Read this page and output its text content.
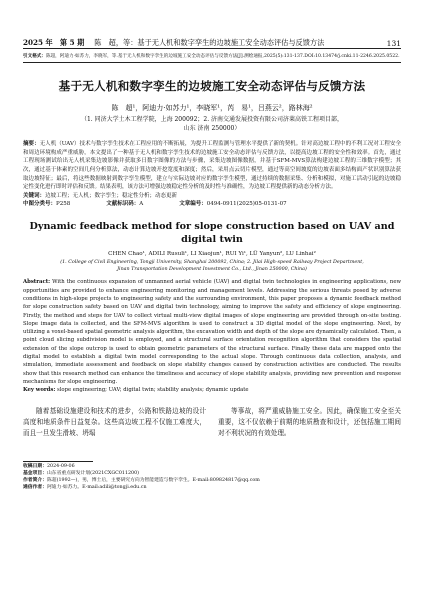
2025 年　第 5 期 陈　超，等：基于无人机和数字孪生的边坡施工安全动态评估与反馈方法	131
引文格式：陈超，阿迪力·如苏力，李晓军，等.基于无人机和数字孪生的边坡施工安全动态评估与反馈方法[J].测绘通报,2025(5):131-137.DOI:10.13474/j.cnki.11-2246.2025.0522.

基于无人机和数字孪生的边坡施工安全动态评估与反馈方法
陈　超¹，阿迪力·如苏力¹，李晓军¹，芮　易¹，吕燕云²，路林海²
（1. 同济大学土木工程学院，上海 200092；2. 济南交通发展投资有限公司济莱高铁工程项目部，
山东 济南 250000）
摘要：无人机（UAV）技术与数字孪生技术在工程应用的不断拓展，为提升工程监测与管理水平提供了新的契机。针对高边坡工程中的不利工况对工程安全和周边环境构成严重威胁，本文提出了一种基于无人机和数字孪生技术的边坡施工安全动态评估与反馈方法，以提高边坡工程的安全性和效率。首先，通过工程现场测试给出无人机采集边坡影像并获取多日数字图像的方法与步骤，采集边坡图像数据，并基于SFM-MVS算法构建边坡工程的三维数字模型；其次，通过基于体素的空间几何分析算法，动态计算边坡开挖宽度和深度；然后，采用点云切片模型，通过等高空间坡度的边坡表面多结构面产状识别算法获取边坡特征；最后，将这些数据映射到数字孪生模型，建立与实际边坡对应的数字孪生模型，通过持续的数据采集、分析和模拟，对施工活动引起的边坡稳定性变化进行即时评估和反馈。结果表明，该方法可增强边坡稳定性分析的及时性与准确性，为边坡工程提供新的动态分析方法。
关键词：边坡工程；无人机；数字孪生；稳定性分析；动态更新
中图分类号：P258	文献标识码：A	文章编号：0494-0911(2025)05-0131-07
Dynamic feedback method for slope construction based on UAV and digital twin
CHEN Chao¹, ADILI Rusuli¹, LI Xiaojun¹, RUI Yi¹, LÜ Yanyun², LU Linhai²
(1. College of Civil Engineering, Tongji University, Shanghai 200092, China; 2. Jilai High-speed Railway Project Department,
Jinan Transportation Development Investment Co., Ltd., Jinan 250000, China)
Abstract: With the continuous expansion of unmanned aerial vehicle (UAV) and digital twin technologies in engineering applications, new opportunities are provided to enhance engineering monitoring and management levels. Addressing the serious threats posed by adverse conditions in high-slope projects to engineering safety and the surrounding environment, this paper proposes a dynamic feedback method for slope construction safety based on UAV and digital twin technology, aiming to improve the safety and efficiency of slope engineering. Firstly, the method and steps for UAV to collect virtual multi-view digital images of slope engineering are provided through on-site testing. Slope image data is collected, and the SFM-MVS algorithm is used to construct a 3D digital model of the slope engineering. Next, by utilizing a voxel-based spatial geometric analysis algorithm, the excavation width and depth of the slope are dynamically calculated. Then, a point cloud slicing subdivision model is employed, and a structural surface orientation recognition algorithm that considers the spatial extension of the slope outcrop is used to obtain geometric parameters of the structural surface. Finally these data are mapped onto the digital model to establish a digital twin model corresponding to the actual slope. Through continuous data collection, analysis, and simulation, immediate assessment and feedback on slope stability changes caused by construction activities are conducted. The results show that this research method can enhance the timeliness and accuracy of slope stability analysis, providing new prevention and response mechanisms for slope engineering.
Key words: slope engineering; UAV; digital twin; stability analysis; dynamic update
随着基础设施建设和技术的进步，公路和铁路边坡的设计高度和地质条件日益复杂。这些高边坡工程不仅施工难度大，而且一旦发生滑坡、坍塌
等事故，将严重威胁施工安全。因此，确保施工安全至关重要，这不仅依赖于前期的地质勘查和设计，还包括施工期间对不利状况的有效处理。
收稿日期：2024-09-06
基金项目：山东省重点研发计划(2021CXGC011200)
作者简介：陈超(1992—)，男，博士后，主要研究方向为智能建造与数字孪生。E-mail:809824817@qq.com
通信作者：阿迪力·如苏力。E-mail:adili@tongji.edu.cn
